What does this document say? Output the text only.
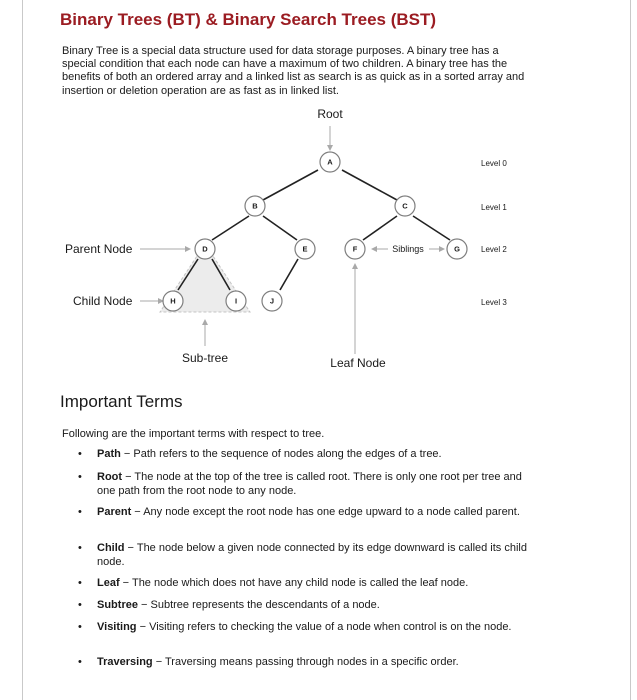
Binary Trees (BT) & Binary Search Trees (BST)

Binary Tree is a special data structure used for data storage purposes. A binary tree has a special condition that each node can have a maximum of two children. A binary tree has the benefits of both an ordered array and a linked list as search is as quick as in a sorted array and insertion or deletion operation are as fast as in linked list.

A
B	C
D	E	F	G
H	I	J
Root
Parent Node
Child Node
Siblings
Sub-tree	Leaf Node
Level 0
Level 1
Level 2
Level 3
Important Terms
Following are the important terms with respect to tree.
• Path − Path refers to the sequence of nodes along the edges of a tree.
• Root − The node at the top of the tree is called root. There is only one root per tree and one path from the root node to any node.
• Parent − Any node except the root node has one edge upward to a node called parent.
• Child − The node below a given node connected by its edge downward is called its child node.
• Leaf − The node which does not have any child node is called the leaf node.
• Subtree − Subtree represents the descendants of a node.
• Visiting − Visiting refers to checking the value of a node when control is on the node.
• Traversing − Traversing means passing through nodes in a specific order.
